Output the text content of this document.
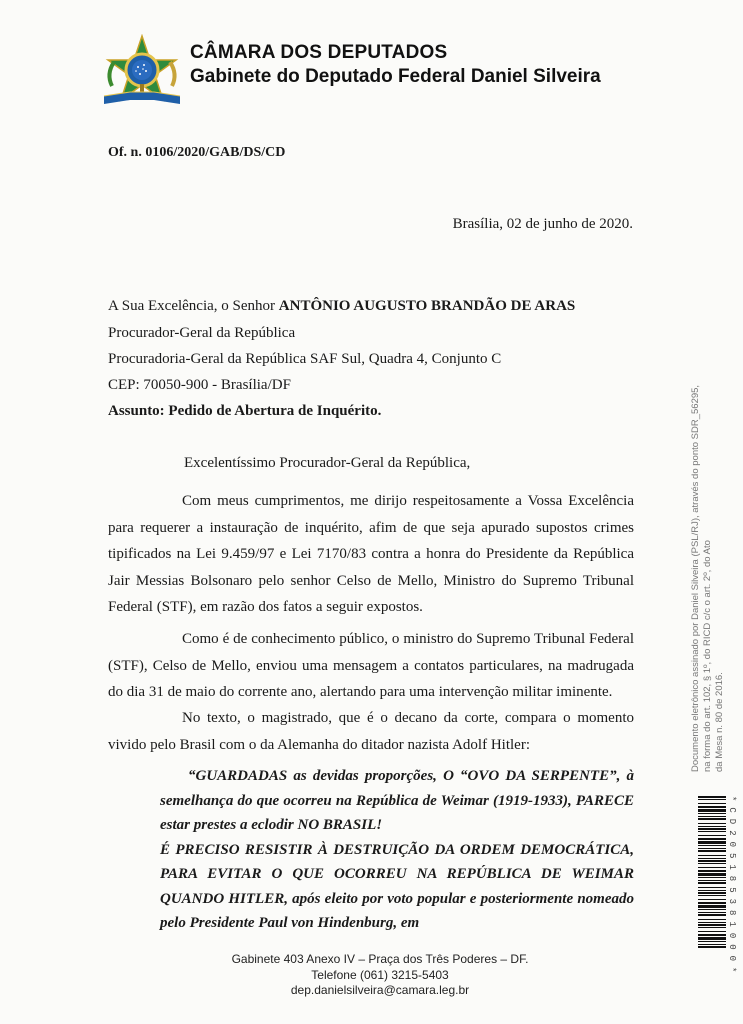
CÂMARA DOS DEPUTADOS
Gabinete do Deputado Federal Daniel Silveira
Of. n. 0106/2020/GAB/DS/CD
Brasília, 02 de junho de 2020.
A Sua Excelência, o Senhor ANTÔNIO AUGUSTO BRANDÃO DE ARAS
Procurador-Geral da República
Procuradoria-Geral da República SAF Sul, Quadra 4, Conjunto C
CEP: 70050-900 - Brasília/DF
Assunto: Pedido de Abertura de Inquérito.
Excelentíssimo Procurador-Geral da República,

Com meus cumprimentos, me dirijo respeitosamente a Vossa Excelência para requerer a instauração de inquérito, afim de que seja apurado supostos crimes tipificados na Lei 9.459/97 e Lei 7170/83 contra a honra do Presidente da República Jair Messias Bolsonaro pelo senhor Celso de Mello, Ministro do Supremo Tribunal Federal (STF), em razão dos fatos a seguir expostos.

Como é de conhecimento público, o ministro do Supremo Tribunal Federal (STF), Celso de Mello, enviou uma mensagem a contatos particulares, na madrugada do dia 31 de maio do corrente ano, alertando para uma intervenção militar iminente.

No texto, o magistrado, que é o decano da corte, compara o momento vivido pelo Brasil com o da Alemanha do ditador nazista Adolf Hitler:

“GUARDADAS as devidas proporções, O “OVO DA SERPENTE”, à semelhança do que ocorreu na República de Weimar (1919-1933), PARECE estar prestes a eclodir NO BRASIL!

É PRECISO RESISTIR À DESTRUIÇÃO DA ORDEM DEMOCRÁTICA, PARA EVITAR O QUE OCORREU NA REPÚBLICA DE WEIMAR QUANDO HITLER, após eleito por voto popular e posteriormente nomeado pelo Presidente Paul von Hindenburg, em

Gabinete 403 Anexo IV – Praça dos Três Poderes – DF.
Telefone (061) 3215-5403
dep.danielsilveira@camara.leg.br
Documento eletrônico assinado por Daniel Silveira (PSL/RJ), através do ponto SDR_56295, na forma do art. 102, § 1º, do RICD c/c o art. 2º, do Ato da Mesa n. 80 de 2016.
* C D 2 0 5 1 8 5 3 8 1 0 0 0 *
